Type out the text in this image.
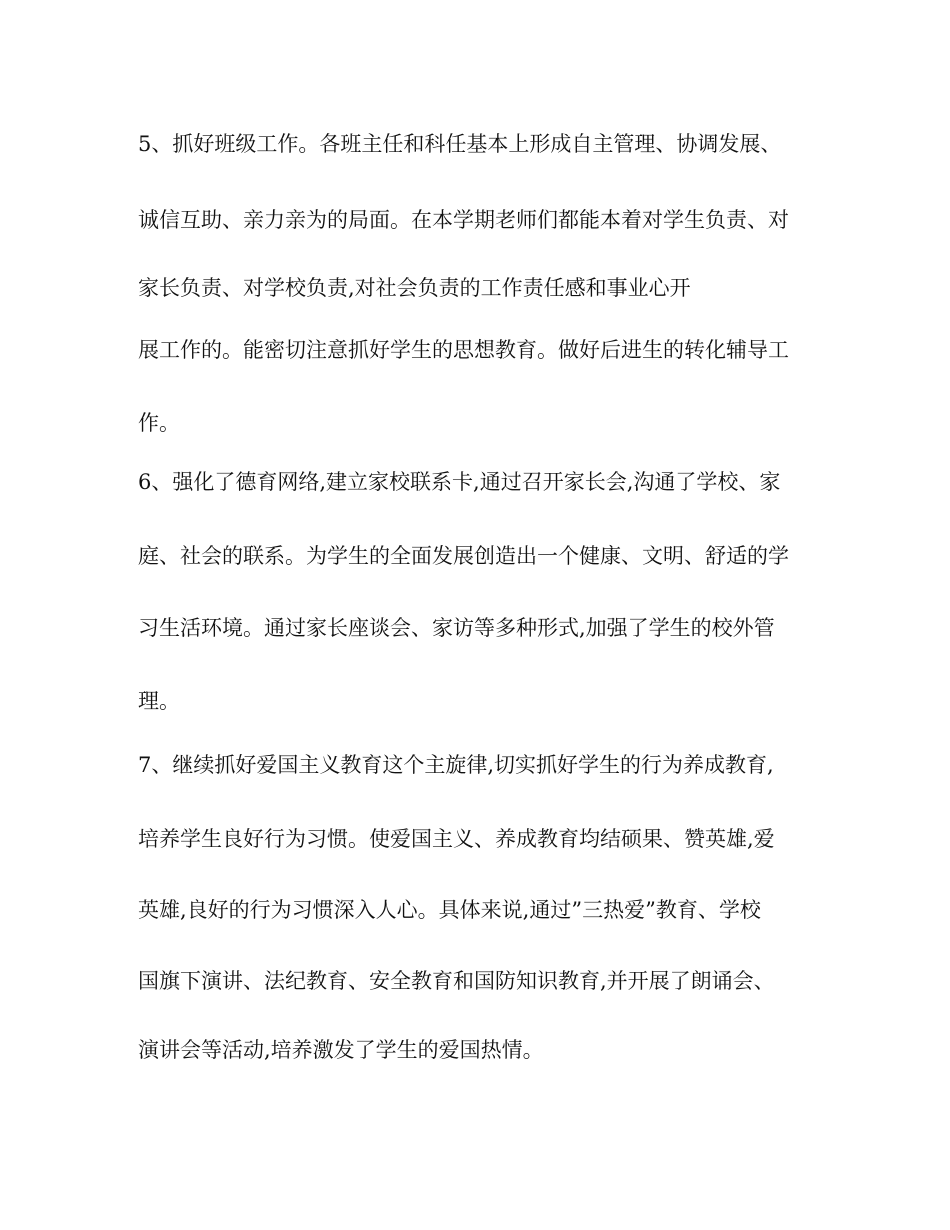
5、抓好班级工作。各班主任和科任基本上形成自主管理、协调发展、
诚信互助、亲力亲为的局面。在本学期老师们都能本着对学生负责、对
家长负责、对学校负责,对社会负责的工作责任感和事业心开
展工作的。能密切注意抓好学生的思想教育。做好后进生的转化辅导工
作。
6、强化了德育网络,建立家校联系卡,通过召开家长会,沟通了学校、家
庭、社会的联系。为学生的全面发展创造出一个健康、文明、舒适的学
习生活环境。通过家长座谈会、家访等多种形式,加强了学生的校外管
理。
7、继续抓好爱国主义教育这个主旋律,切实抓好学生的行为养成教育,
培养学生良好行为习惯。使爱国主义、养成教育均结硕果、赞英雄,爱
英雄,良好的行为习惯深入人心。具体来说,通过”三热爱”教育、学校
国旗下演讲、法纪教育、安全教育和国防知识教育,并开展了朗诵会、
演讲会等活动,培养激发了学生的爱国热情。
